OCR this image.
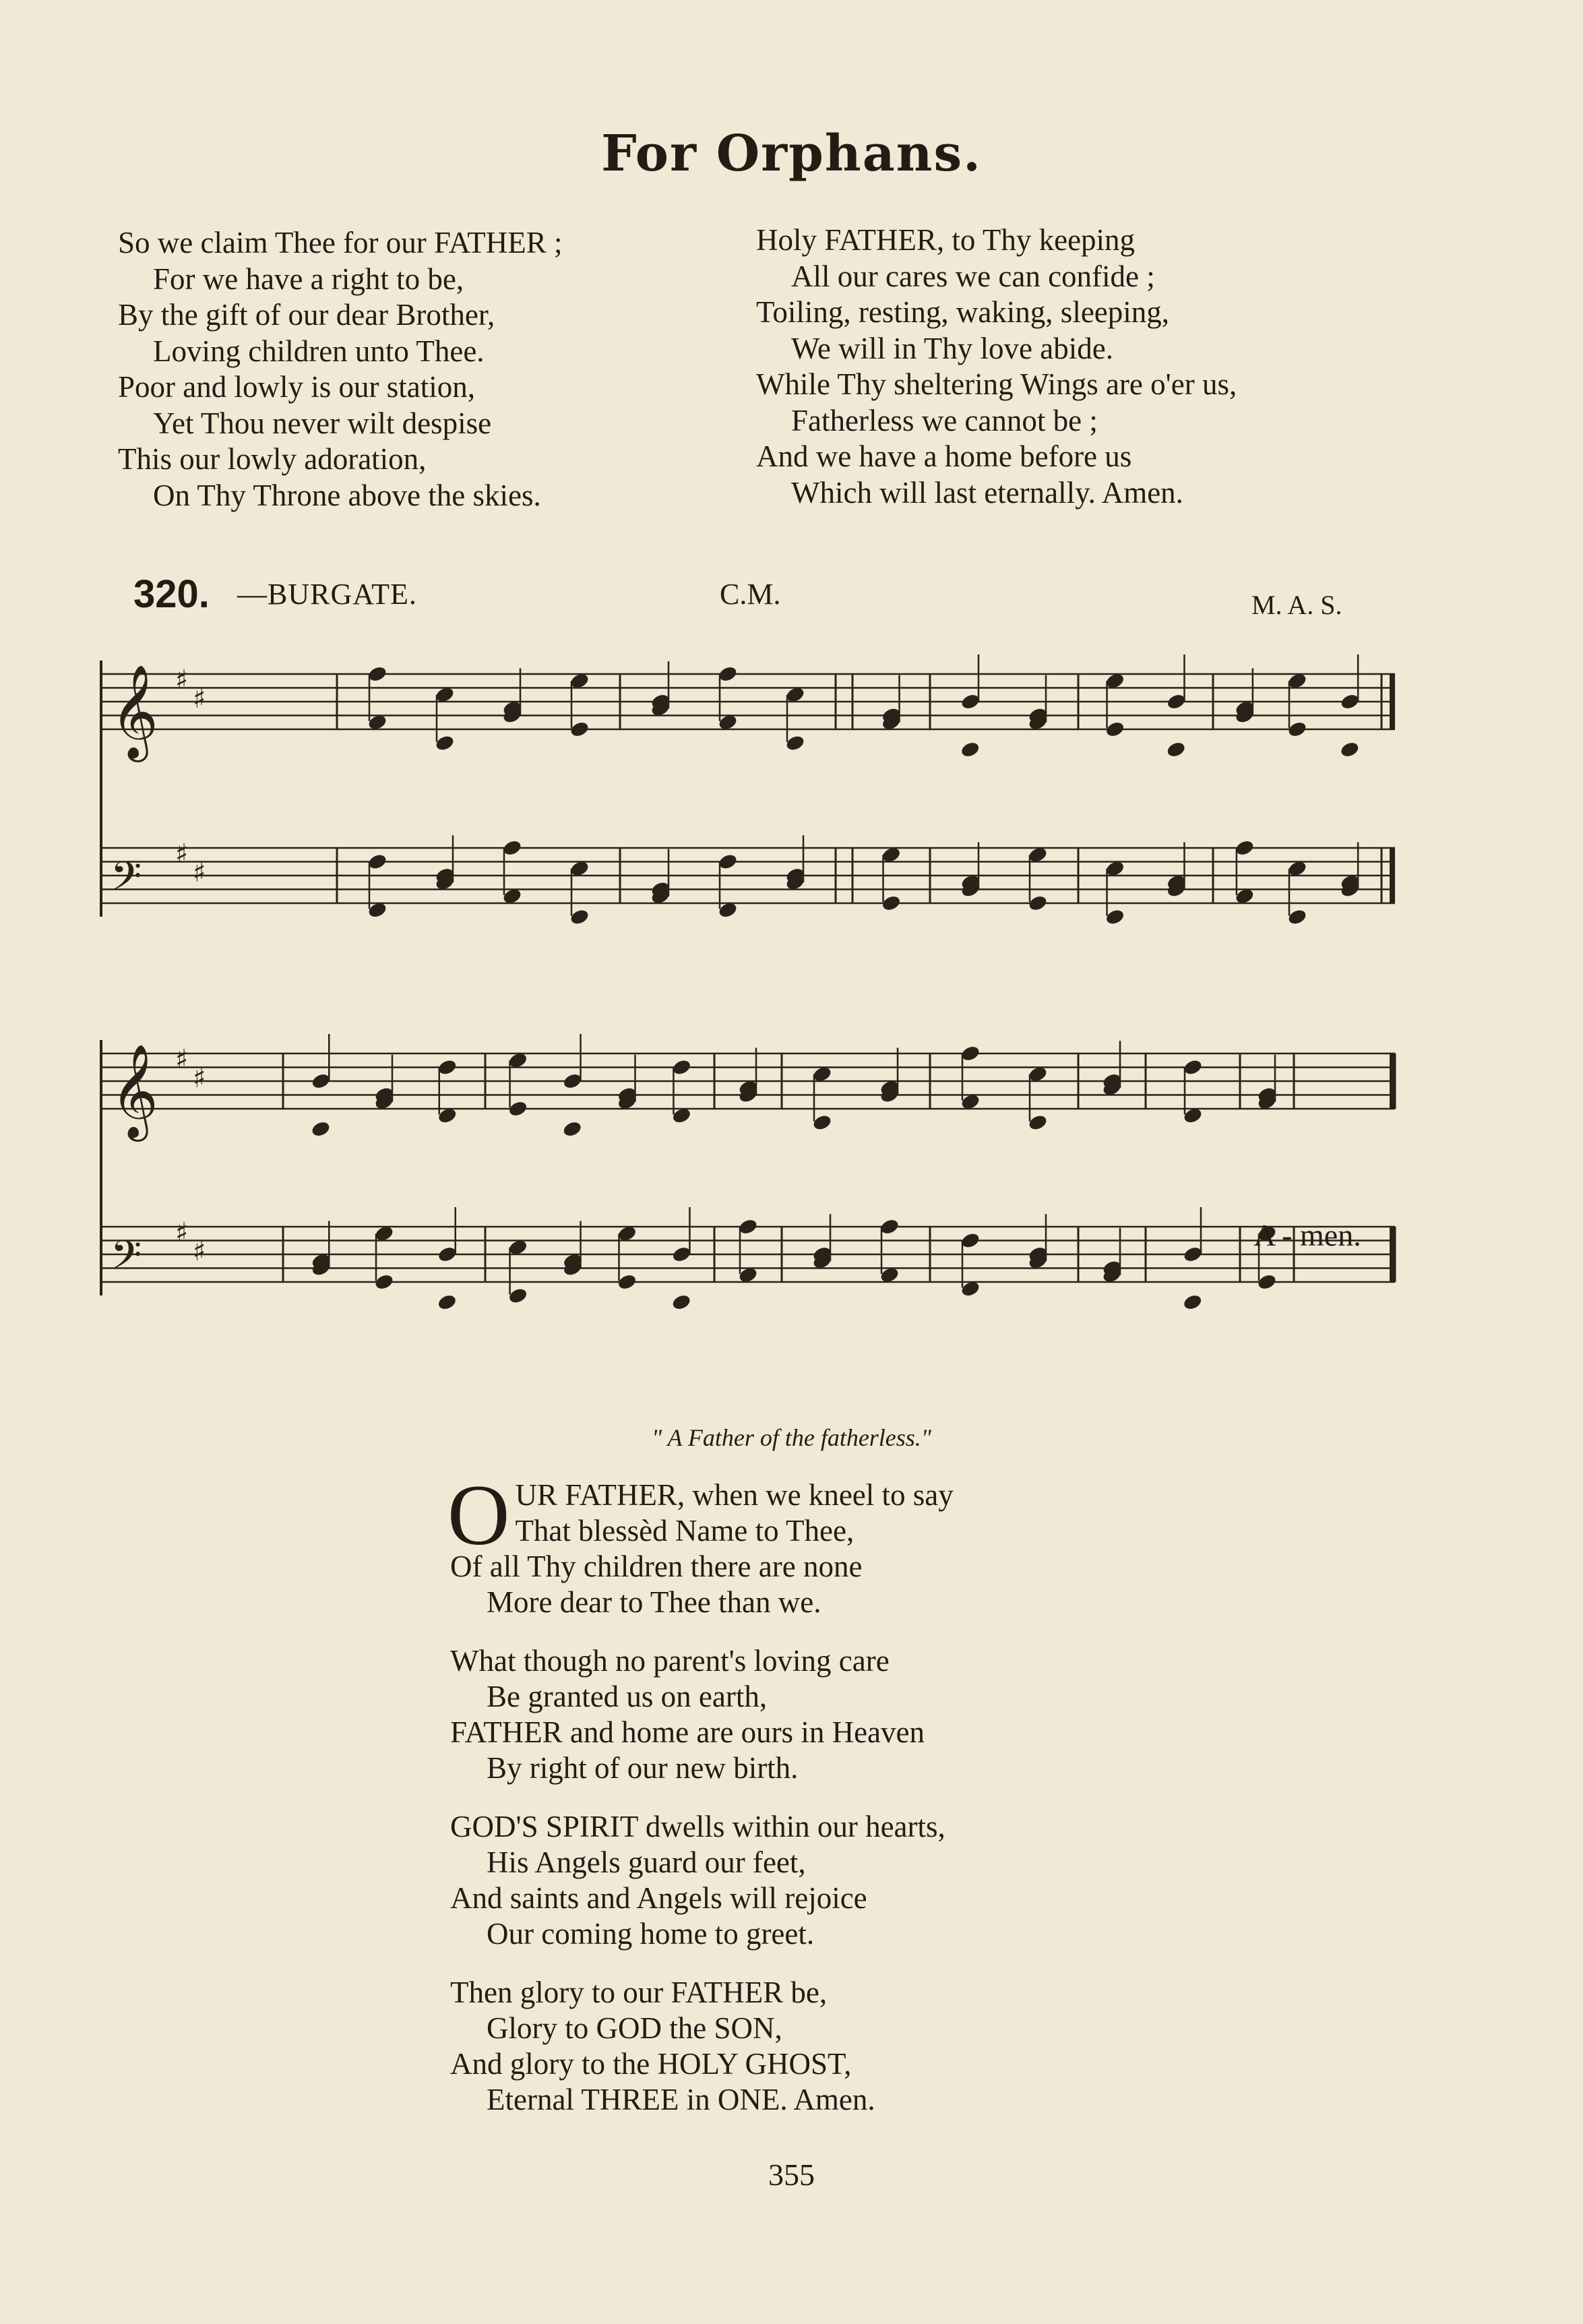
For Orphans.
So we claim Thee for our FATHER ;
For we have a right to be,
By the gift of our dear Brother,
Loving children unto Thee.
Poor and lowly is our station,
Yet Thou never wilt despise
This our lowly adoration,
On Thy Throne above the skies.
Holy FATHER, to Thy keeping
All our cares we can confide ;
Toiling, resting, waking, sleeping,
We will in Thy love abide.
While Thy sheltering Wings are o'er us,
Fatherless we cannot be ;
And we have a home before us
Which will last eternally. Amen.
320. —BURGATE.	C.M.	M. A. S.
𝄞 ♯
♯
𝄢 ♯
♯
𝄞 ♯
♯
𝄢 ♯
♯	A - men.
" A Father of the fatherless."
O UR FATHER, when we kneel to say
That blessèd Name to Thee,
Of all Thy children there are none
More dear to Thee than we.
What though no parent's loving care
Be granted us on earth,
FATHER and home are ours in Heaven
By right of our new birth.
GOD'S SPIRIT dwells within our hearts,
His Angels guard our feet,
And saints and Angels will rejoice
Our coming home to greet.
Then glory to our FATHER be,
Glory to GOD the SON,
And glory to the HOLY GHOST,
Eternal THREE in ONE. Amen.
355
